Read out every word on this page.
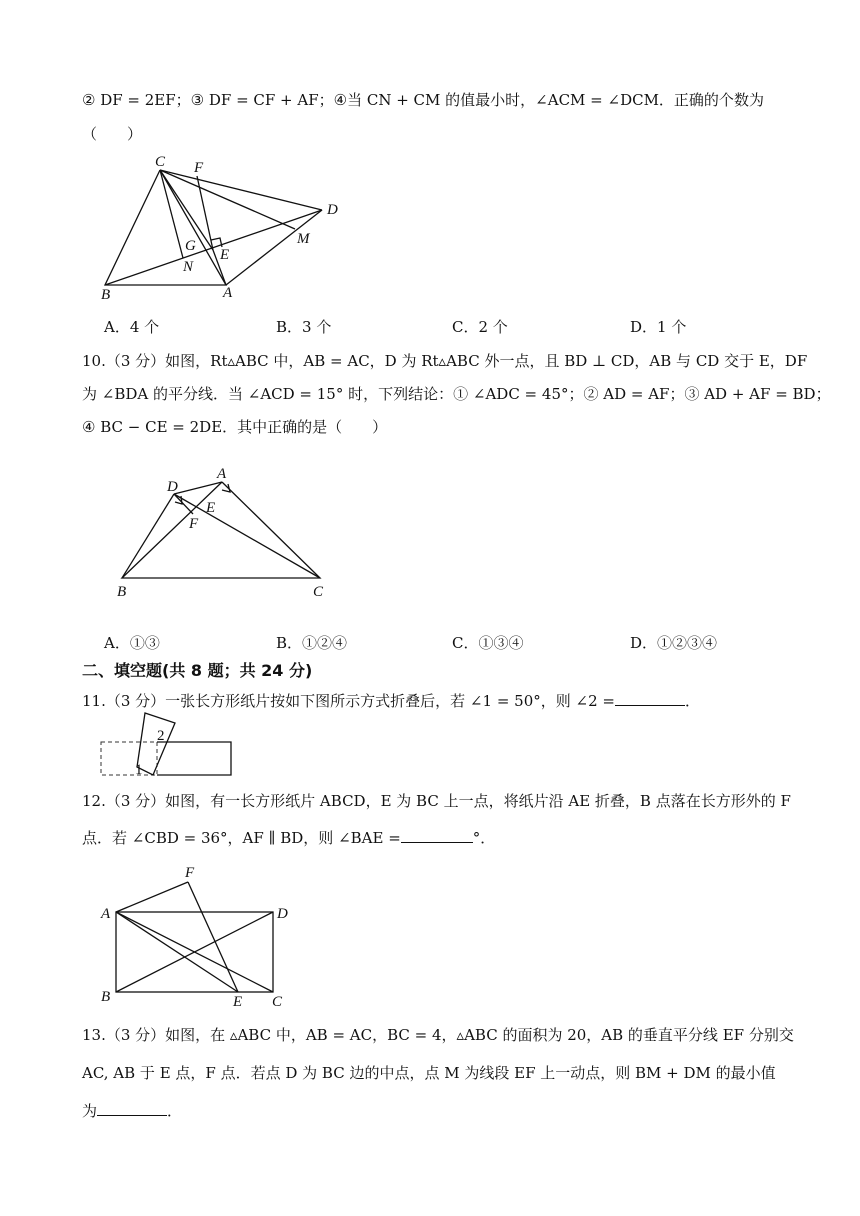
② DF = 2EF；③ DF = CF + AF；④当 CN + CM 的值最小时，∠ACM = ∠DCM．正确的个数为
（　　）
C F
D
M
G
E
N
B	A
A．4 个	B．3 个	C．2 个	D．1 个
10.（3 分）如图，Rt▵ABC 中，AB = AC，D 为 Rt▵ABC 外一点，且 BD ⊥ CD，AB 与 CD 交于 E，DF
为 ∠BDA 的平分线．当 ∠ACD = 15° 时，下列结论：① ∠ADC = 45°；② AD = AF；③ AD + AF = BD；
④ BC − CE = 2DE．其中正确的是（　　）
A
D
E
F
B	C
A．①③	B．①②④	C．①③④	D．①②③④
二、填空题(共 8 题；共 24 分)
11.（3 分）一张长方形纸片按如下图所示方式折叠后，若 ∠1 = 50°，则 ∠2 =	．
2
1
12.（3 分）如图，有一长方形纸片 ABCD，E 为 BC 上一点，将纸片沿 AE 折叠，B 点落在长方形外的 F
点．若 ∠CBD = 36°，AF ∥ BD，则 ∠BAE =	°．
F
A	D
B	E C
13.（3 分）如图，在 ▵ABC 中，AB = AC，BC = 4，▵ABC 的面积为 20，AB 的垂直平分线 EF 分别交
AC, AB 于 E 点，F 点．若点 D 为 BC 边的中点，点 M 为线段 EF 上一动点，则 BM + DM 的最小值
为	．
